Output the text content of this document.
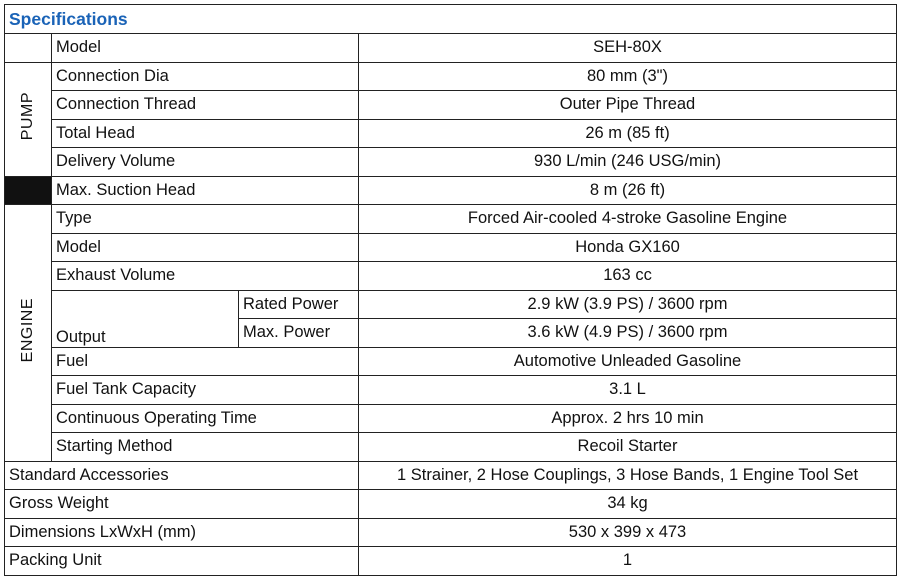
Specifications			
	Model		SEH-80X
PUMP	Connection Dia		80 mm (3")
	Connection Thread		Outer Pipe Thread
	Total Head		26 m (85 ft)
	Delivery Volume		930 L/min (246 USG/min)
	Max. Suction Head		8 m (26 ft)
ENGINE	Type		Forced Air-cooled 4-stroke Gasoline Engine
	Model		Honda GX160
	Exhaust Volume		163 cc
	Output	Rated Power	2.9 kW (3.9 PS) / 3600 rpm
		Max. Power	3.6 kW (4.9 PS) / 3600 rpm
	Fuel		Automotive Unleaded Gasoline
	Fuel Tank Capacity		3.1 L
	Continuous Operating Time		Approx. 2 hrs 10 min
	Starting Method		Recoil Starter
Standard Accessories			1 Strainer, 2 Hose Couplings, 3 Hose Bands, 1 Engine Tool Set
Gross Weight			34 kg
Dimensions LxWxH (mm)			530 x 399 x 473
Packing Unit			1
